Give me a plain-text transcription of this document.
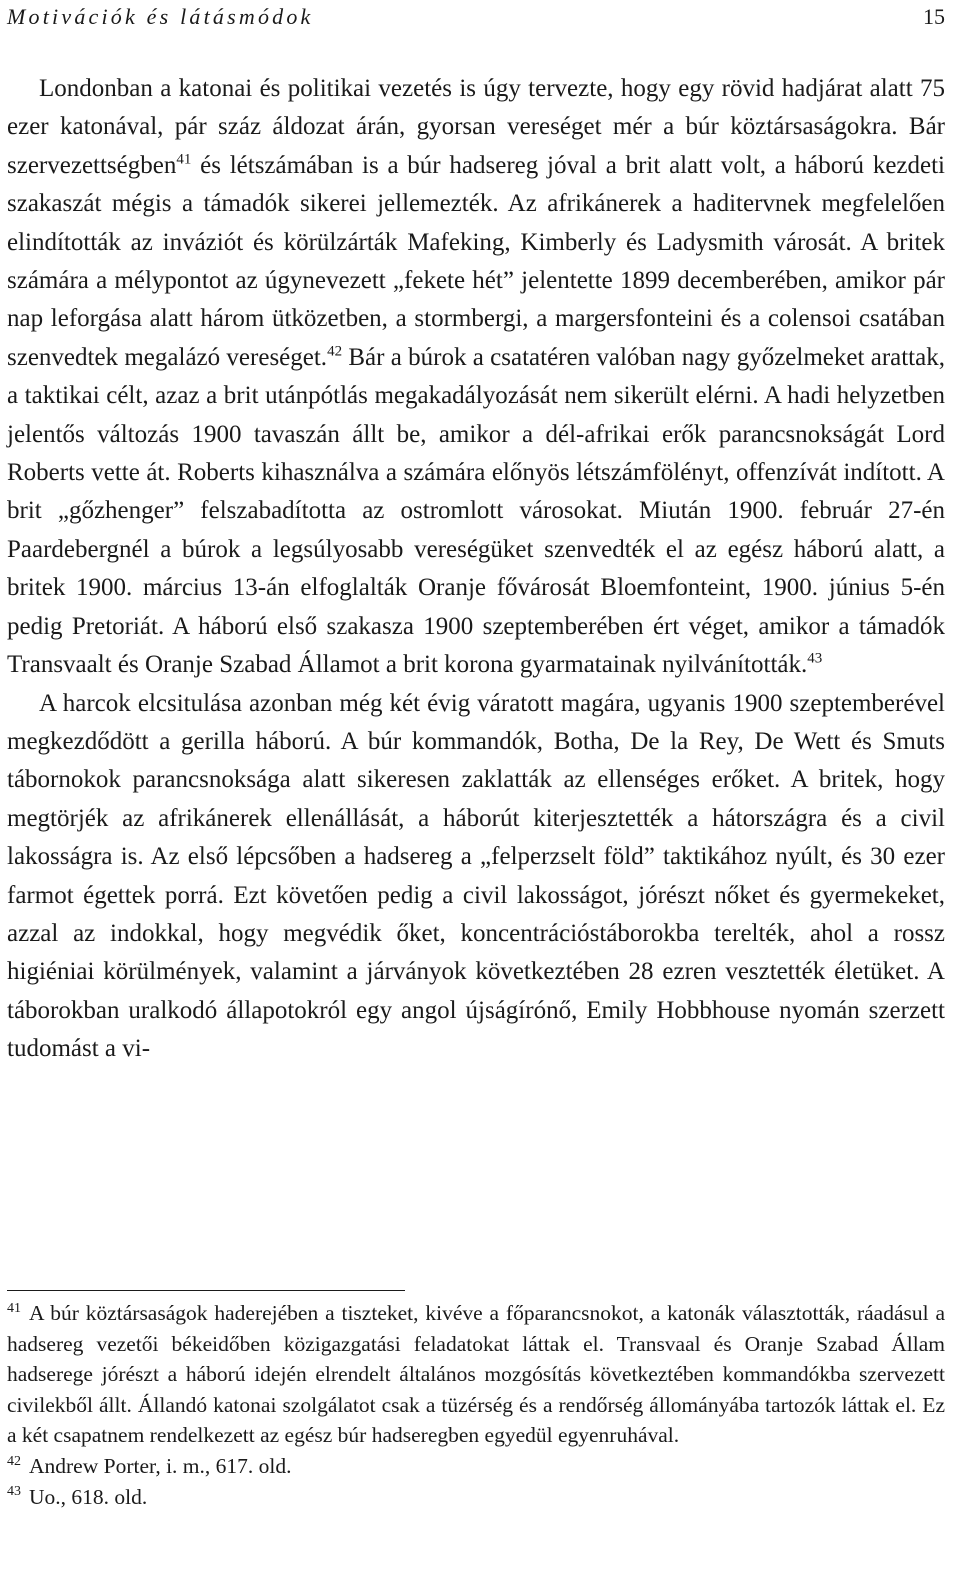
Motivációk és látásmódok	15

Londonban a katonai és politikai vezetés is úgy tervezte, hogy egy rövid hadjárat alatt 75 ezer katonával, pár száz áldozat árán, gyorsan vereséget mér a búr köztársaságokra. Bár szervezettségben$^{41}$ és létszámában is a búr hadsereg jóval a brit alatt volt, a háború kezdeti szakaszát mégis a támadók sikerei jellemezték. Az afrikánerek a haditervnek megfelelően elindították az inváziót és körülzárták Mafeking, Kimberly és Ladysmith városát. A britek számára a mélypontot az úgynevezett „fekete hét” jelentette 1899 decemberében, amikor pár nap leforgása alatt három ütközetben, a stormbergi, a margersfonteini és a colensoi csatában szenvedtek megalázó vereséget.$^{42}$ Bár a búrok a csatatéren valóban nagy győzelmeket arattak, a taktikai célt, azaz a brit utánpótlás megakadályozását nem sikerült elérni. A hadi helyzetben jelentős változás 1900 tavaszán állt be, amikor a dél-afrikai erők parancsnokságát Lord Roberts vette át. Roberts kihasználva a számára előnyös létszámfölényt, offenzívát indított. A brit „gőzhenger” felszabadította az ostromlott városokat. Miután 1900. február 27-én Paardebergnél a búrok a legsúlyosabb vereségüket szenvedték el az egész háború alatt, a britek 1900. március 13-án elfoglalták Oranje fővárosát Bloemfonteint, 1900. június 5-én pedig Pretoriát. A háború első szakasza 1900 szeptemberében ért véget, amikor a támadók Transvaalt és Oranje Szabad Államot a brit korona gyarmatainak nyilvánították.$^{43}$

A harcok elcsitulása azonban még két évig váratott magára, ugyanis 1900 szeptemberével megkezdődött a gerilla háború. A búr kommandók, Botha, De la Rey, De Wett és Smuts tábornokok parancsnoksága alatt sikeresen zaklatták az ellenséges erőket. A britek, hogy megtörjék az afrikánerek ellenállását, a háborút kiterjesztették a hátországra és a civil lakosságra is. Az első lépcsőben a hadsereg a „felperzselt föld” taktikához nyúlt, és 30 ezer farmot égettek porrá. Ezt követően pedig a civil lakosságot, jórészt nőket és gyermekeket, azzal az indokkal, hogy megvédik őket, koncentrációstáborokba terelték, ahol a rossz higiéniai körülmények, valamint a járványok következtében 28 ezren vesztették életüket. A táborokban uralkodó állapotokról egy angol újságírónő, Emily Hobbhouse nyomán szerzett tudomást a vi-

$^{41}$ A búr köztársaságok haderejében a tiszteket, kivéve a főparancsnokot, a katonák választották, ráadásul a hadsereg vezetői békeidőben közigazgatási feladatokat láttak el. Transvaal és Oranje Szabad Állam hadserege jórészt a háború idején elrendelt általános mozgósítás következtében kommandókba szervezett civilekből állt. Állandó katonai szolgálatot csak a tüzérség és a rendőrség állományába tartozók láttak el. Ez a két csapatnem rendelkezett az egész búr hadseregben egyedül egyenruhával.

$^{42}$ Andrew Porter, i. m., 617. old.

$^{43}$ Uo., 618. old.
